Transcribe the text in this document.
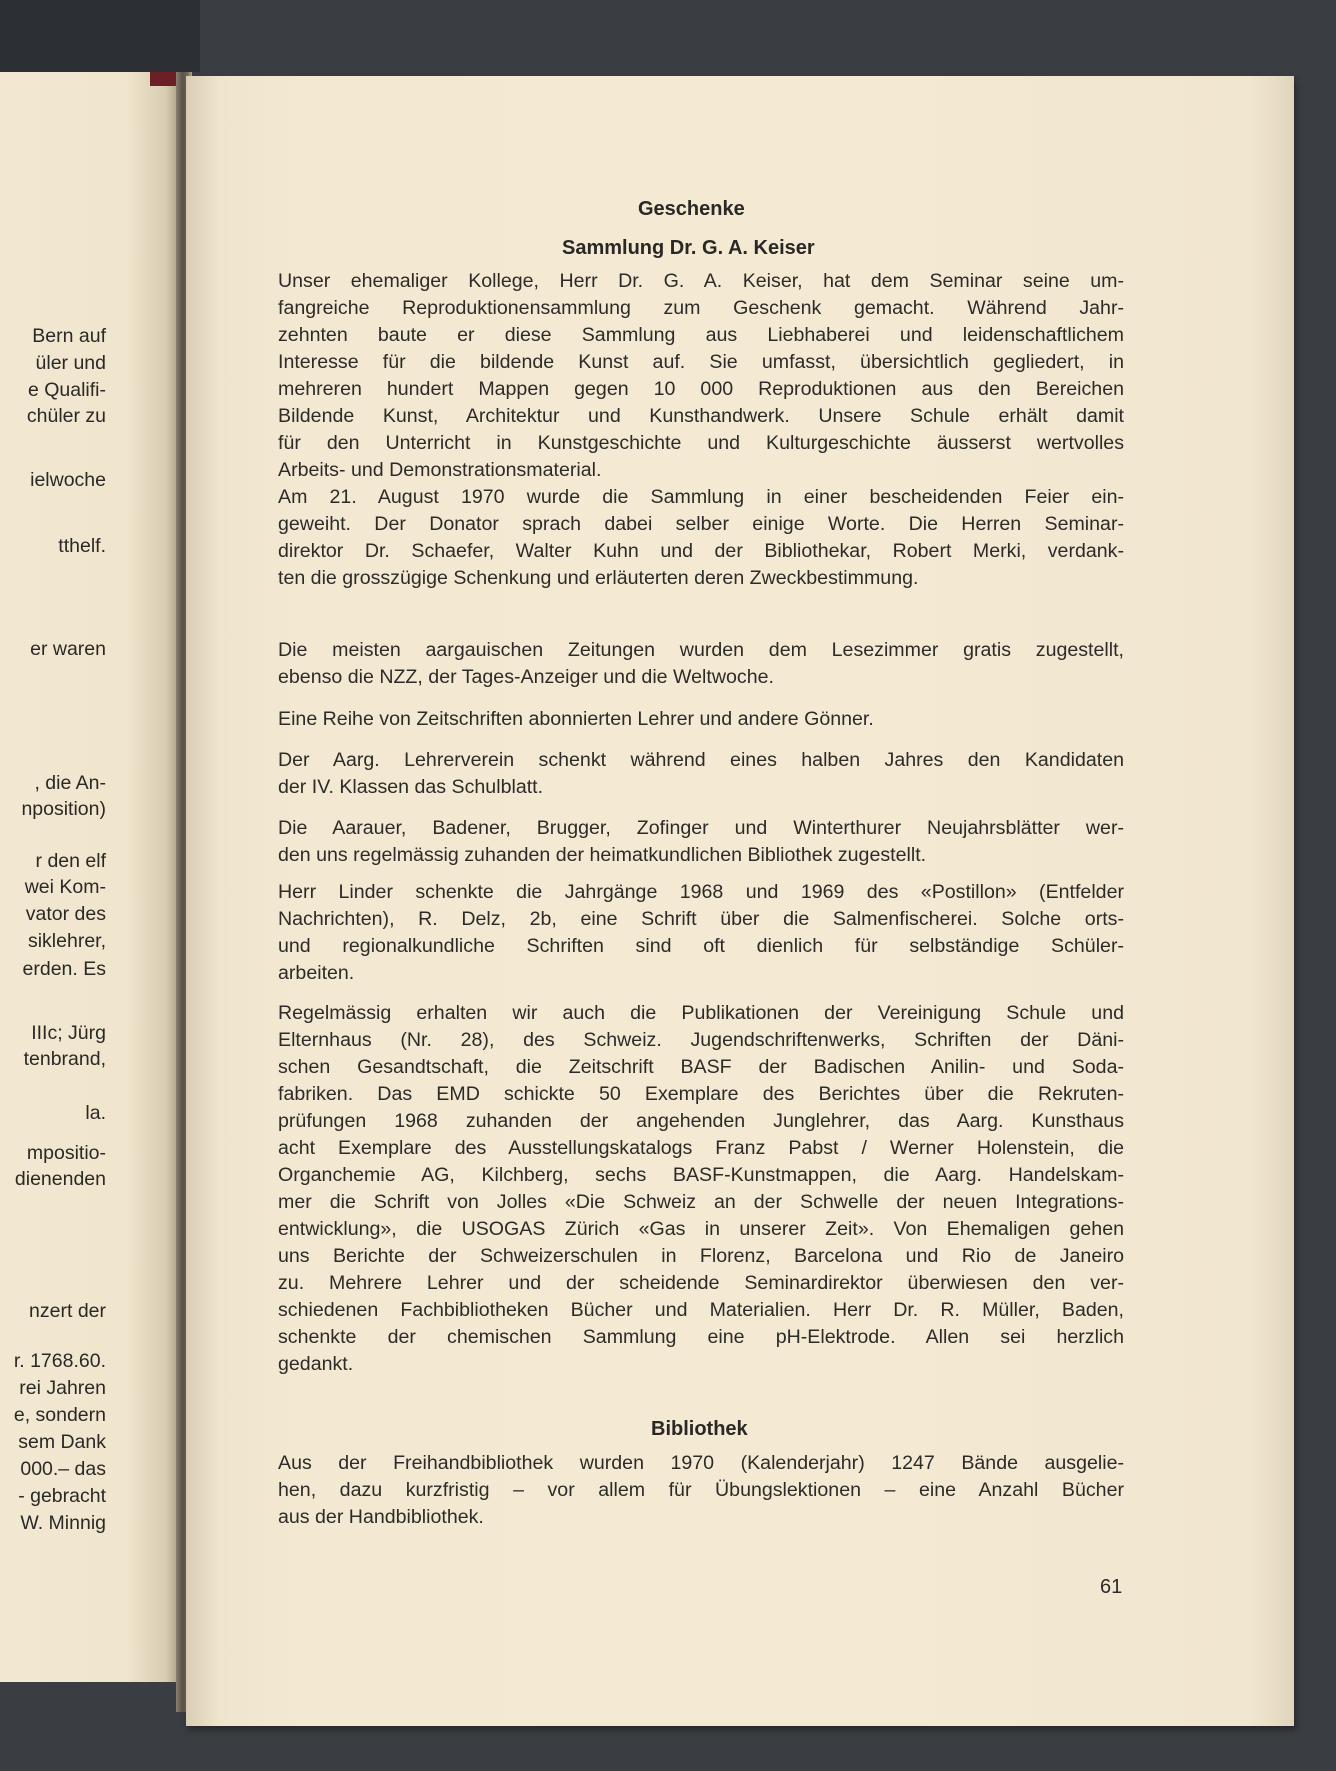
Bern auf
üler und
e Qualifi-
chüler zu
ielwoche
tthelf.
er waren
, die An-
nposition)
r den elf
wei Kom-
vator des
siklehrer,
erden. Es
IIIc; Jürg
tenbrand,
la.
mpositio-
dienenden
nzert der
r. 1768.60.
rei Jahren
e, sondern
sem Dank
000.– das
- gebracht
W. Minnig
Geschenke
Sammlung Dr. G. A. Keiser
Unser ehemaliger Kollege, Herr Dr. G. A. Keiser, hat dem Seminar seine um-
fangreiche Reproduktionensammlung zum Geschenk gemacht. Während Jahr-
zehnten baute er diese Sammlung aus Liebhaberei und leidenschaftlichem
Interesse für die bildende Kunst auf. Sie umfasst, übersichtlich gegliedert, in
mehreren hundert Mappen gegen 10 000 Reproduktionen aus den Bereichen
Bildende Kunst, Architektur und Kunsthandwerk. Unsere Schule erhält damit
für den Unterricht in Kunstgeschichte und Kulturgeschichte äusserst wertvolles
Arbeits- und Demonstrationsmaterial.
Am 21. August 1970 wurde die Sammlung in einer bescheidenden Feier ein-
geweiht. Der Donator sprach dabei selber einige Worte. Die Herren Seminar-
direktor Dr. Schaefer, Walter Kuhn und der Bibliothekar, Robert Merki, verdank-
ten die grosszügige Schenkung und erläuterten deren Zweckbestimmung.
Die meisten aargauischen Zeitungen wurden dem Lesezimmer gratis zugestellt,
ebenso die NZZ, der Tages-Anzeiger und die Weltwoche.
Eine Reihe von Zeitschriften abonnierten Lehrer und andere Gönner.
Der Aarg. Lehrerverein schenkt während eines halben Jahres den Kandidaten
der IV. Klassen das Schulblatt.
Die Aarauer, Badener, Brugger, Zofinger und Winterthurer Neujahrsblätter wer-
den uns regelmässig zuhanden der heimatkundlichen Bibliothek zugestellt.
Herr Linder schenkte die Jahrgänge 1968 und 1969 des «Postillon» (Entfelder
Nachrichten), R. Delz, 2b, eine Schrift über die Salmenfischerei. Solche orts-
und regionalkundliche Schriften sind oft dienlich für selbständige Schüler-
arbeiten.
Regelmässig erhalten wir auch die Publikationen der Vereinigung Schule und
Elternhaus (Nr. 28), des Schweiz. Jugendschriftenwerks, Schriften der Däni-
schen Gesandtschaft, die Zeitschrift BASF der Badischen Anilin- und Soda-
fabriken. Das EMD schickte 50 Exemplare des Berichtes über die Rekruten-
prüfungen 1968 zuhanden der angehenden Junglehrer, das Aarg. Kunsthaus
acht Exemplare des Ausstellungskatalogs Franz Pabst / Werner Holenstein, die
Organchemie AG, Kilchberg, sechs BASF-Kunstmappen, die Aarg. Handelskam-
mer die Schrift von Jolles «Die Schweiz an der Schwelle der neuen Integrations-
entwicklung», die USOGAS Zürich «Gas in unserer Zeit». Von Ehemaligen gehen
uns Berichte der Schweizerschulen in Florenz, Barcelona und Rio de Janeiro
zu. Mehrere Lehrer und der scheidende Seminardirektor überwiesen den ver-
schiedenen Fachbibliotheken Bücher und Materialien. Herr Dr. R. Müller, Baden,
schenkte der chemischen Sammlung eine pH-Elektrode. Allen sei herzlich
gedankt.
Bibliothek
Aus der Freihandbibliothek wurden 1970 (Kalenderjahr) 1247 Bände ausgelie-
hen, dazu kurzfristig – vor allem für Übungslektionen – eine Anzahl Bücher
aus der Handbibliothek.
61
